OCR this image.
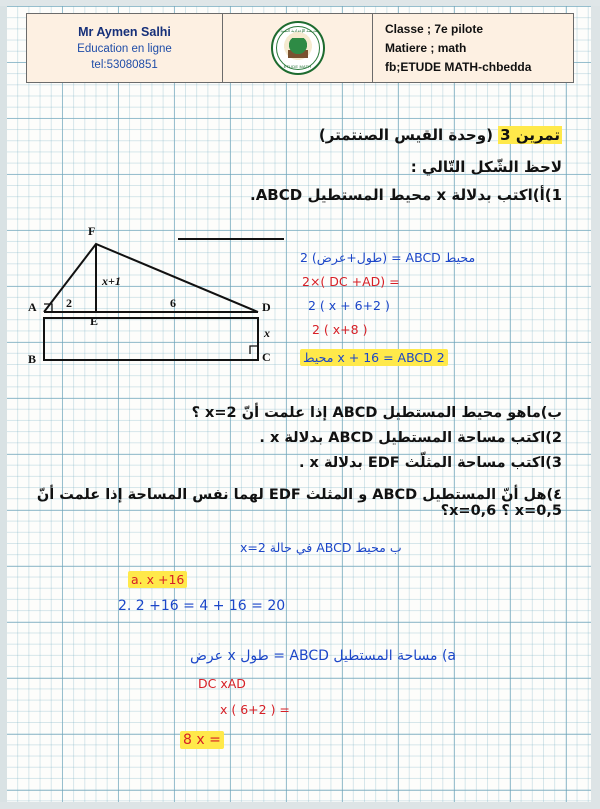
Mr Aymen Salhi
Education en ligne
tel:53080851
المدرسة الإعدادية النموذجية
ETUDE MATH
Classe ; 7e pilote
Matiere ; math
fb;ETUDE MATH-chbedda
تمرين 3 (وحدة القيس الصنتمتر)
لاحظ الشّكل التّالي :
1)أ)اكتب بدلالة x محيط المستطيل ABCD.
ب)ماهو محيط المستطيل ABCD إذا علمت أنّ x=2 ؟
2)اكتب مساحة المستطيل ABCD بدلالة x .
3)اكتب مساحة المثلّث EDF بدلالة x .
٤)هل أنّ المستطيل ABCD و المثلث EDF لهما نفس المساحة إذا علمت أنّ x=0,5 ؟ x=0,6؟
F
A	D
B	C
E
x+1
2	6
x
محيط ABCD = (طول+عرض) 2
2×( DC +AD) =
2 ( x + 6+2 )
2 ( x+8 )
2 x + 16 = ABCD محيط
ب محيط ABCD في حالة x=2
a. x +16
2. 2 +16 = 4 + 16 = 20
a) مساحة المستطيل ABCD = طول x عرض
DC xAD
x ( 6+2 ) =
8 x =
